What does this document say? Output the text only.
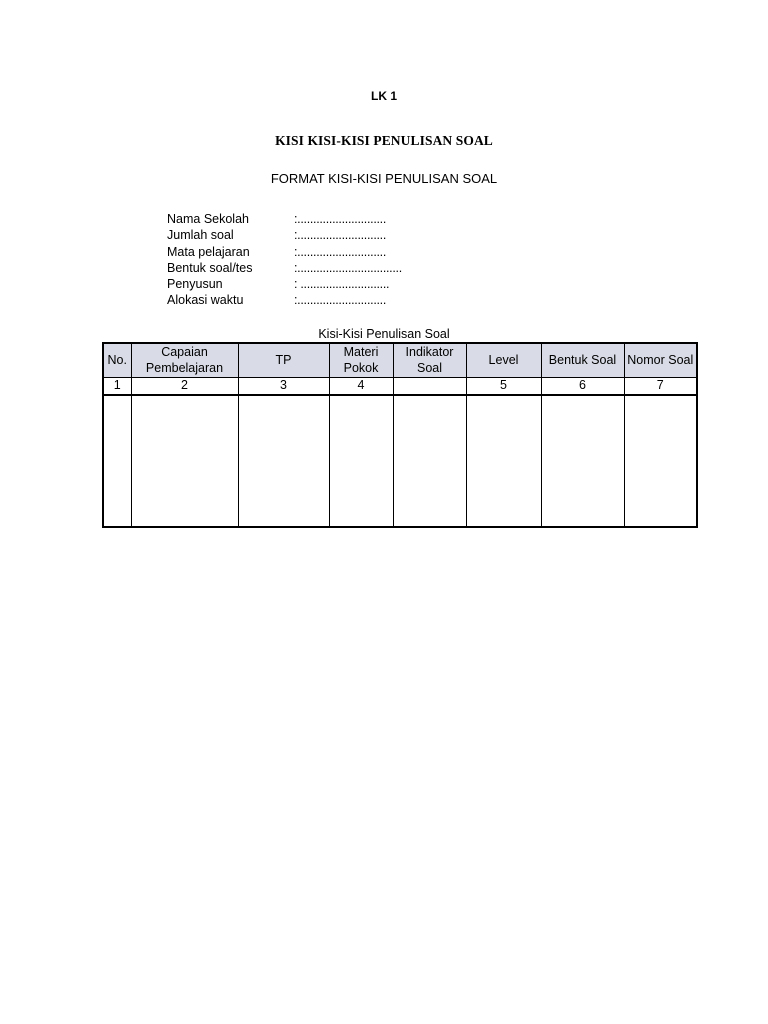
LK 1
KISI KISI-KISI PENULISAN SOAL
FORMAT KISI-KISI PENULISAN SOAL
Nama Sekolah	:............................
Jumlah soal	:............................
Mata pelajaran	:............................
Bentuk soal/tes	:.................................
Penyusun	: ............................
Alokasi waktu	:............................
Kisi-Kisi Penulisan Soal
No.	Capaian Pembelajaran	TP	Materi Pokok	Indikator Soal	Level	Bentuk Soal	Nomor Soal
1	2	3	4		5	6	7
